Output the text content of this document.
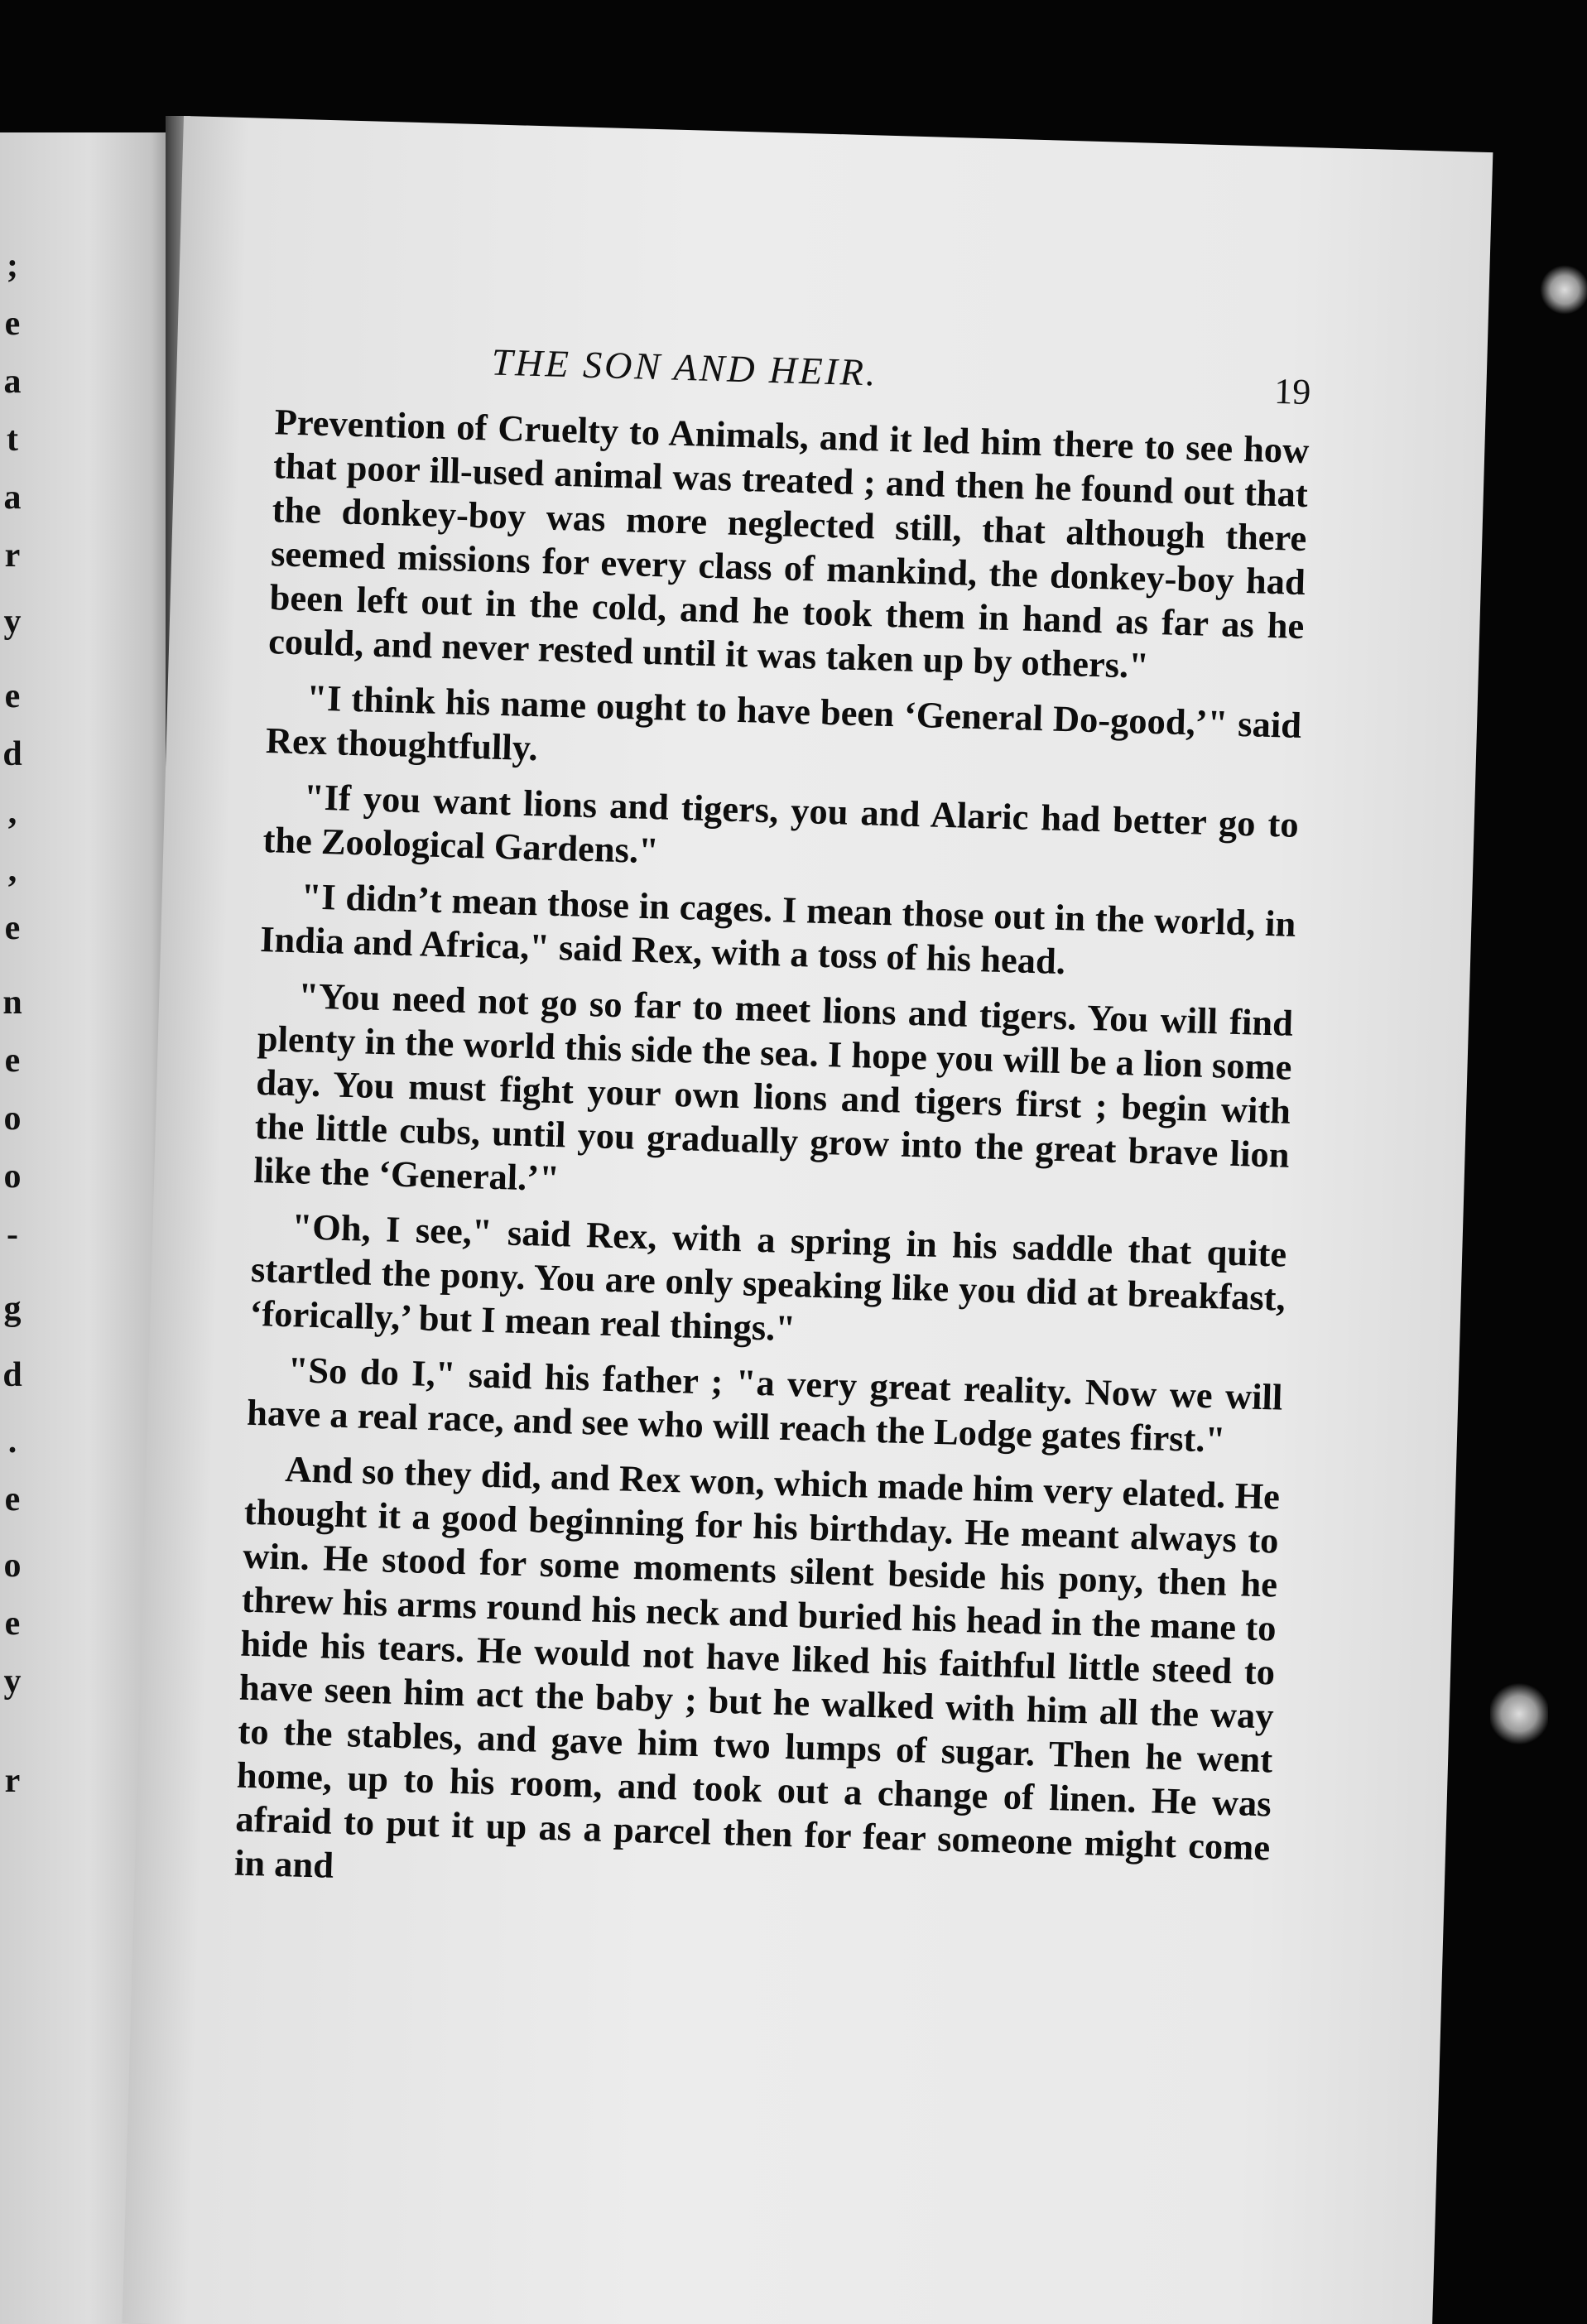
;
e
a
t
a
r
y
e
d
,
,
e
n
e
o
o
-
g
d
.
e
o
e
y
r
THE SON AND HEIR.	19

Prevention of Cruelty to Animals, and it led him there to see how that poor ill-used animal was treated ; and then he found out that the donkey-boy was more neglected still, that although there seemed missions for every class of mankind, the donkey-boy had been left out in the cold, and he took them in hand as far as he could, and never rested until it was taken up by others."

"I think his name ought to have been ‘General Do-good,’" said Rex thoughtfully.

"If you want lions and tigers, you and Alaric had better go to the Zoological Gardens."

"I didn’t mean those in cages. I mean those out in the world, in India and Africa," said Rex, with a toss of his head.

"You need not go so far to meet lions and tigers. You will find plenty in the world this side the sea. I hope you will be a lion some day. You must fight your own lions and tigers first ; begin with the little cubs, until you gradually grow into the great brave lion like the ‘General.’"

"Oh, I see," said Rex, with a spring in his saddle that quite startled the pony. You are only speaking like you did at breakfast, ‘forically,’ but I mean real things."

"So do I," said his father ; "a very great reality. Now we will have a real race, and see who will reach the Lodge gates first."

And so they did, and Rex won, which made him very elated. He thought it a good beginning for his birthday. He meant always to win. He stood for some moments silent beside his pony, then he threw his arms round his neck and buried his head in the mane to hide his tears. He would not have liked his faithful little steed to have seen him act the baby ; but he walked with him all the way to the stables, and gave him two lumps of sugar. Then he went home, up to his room, and took out a change of linen. He was afraid to put it up as a parcel then for fear someone might come in and
